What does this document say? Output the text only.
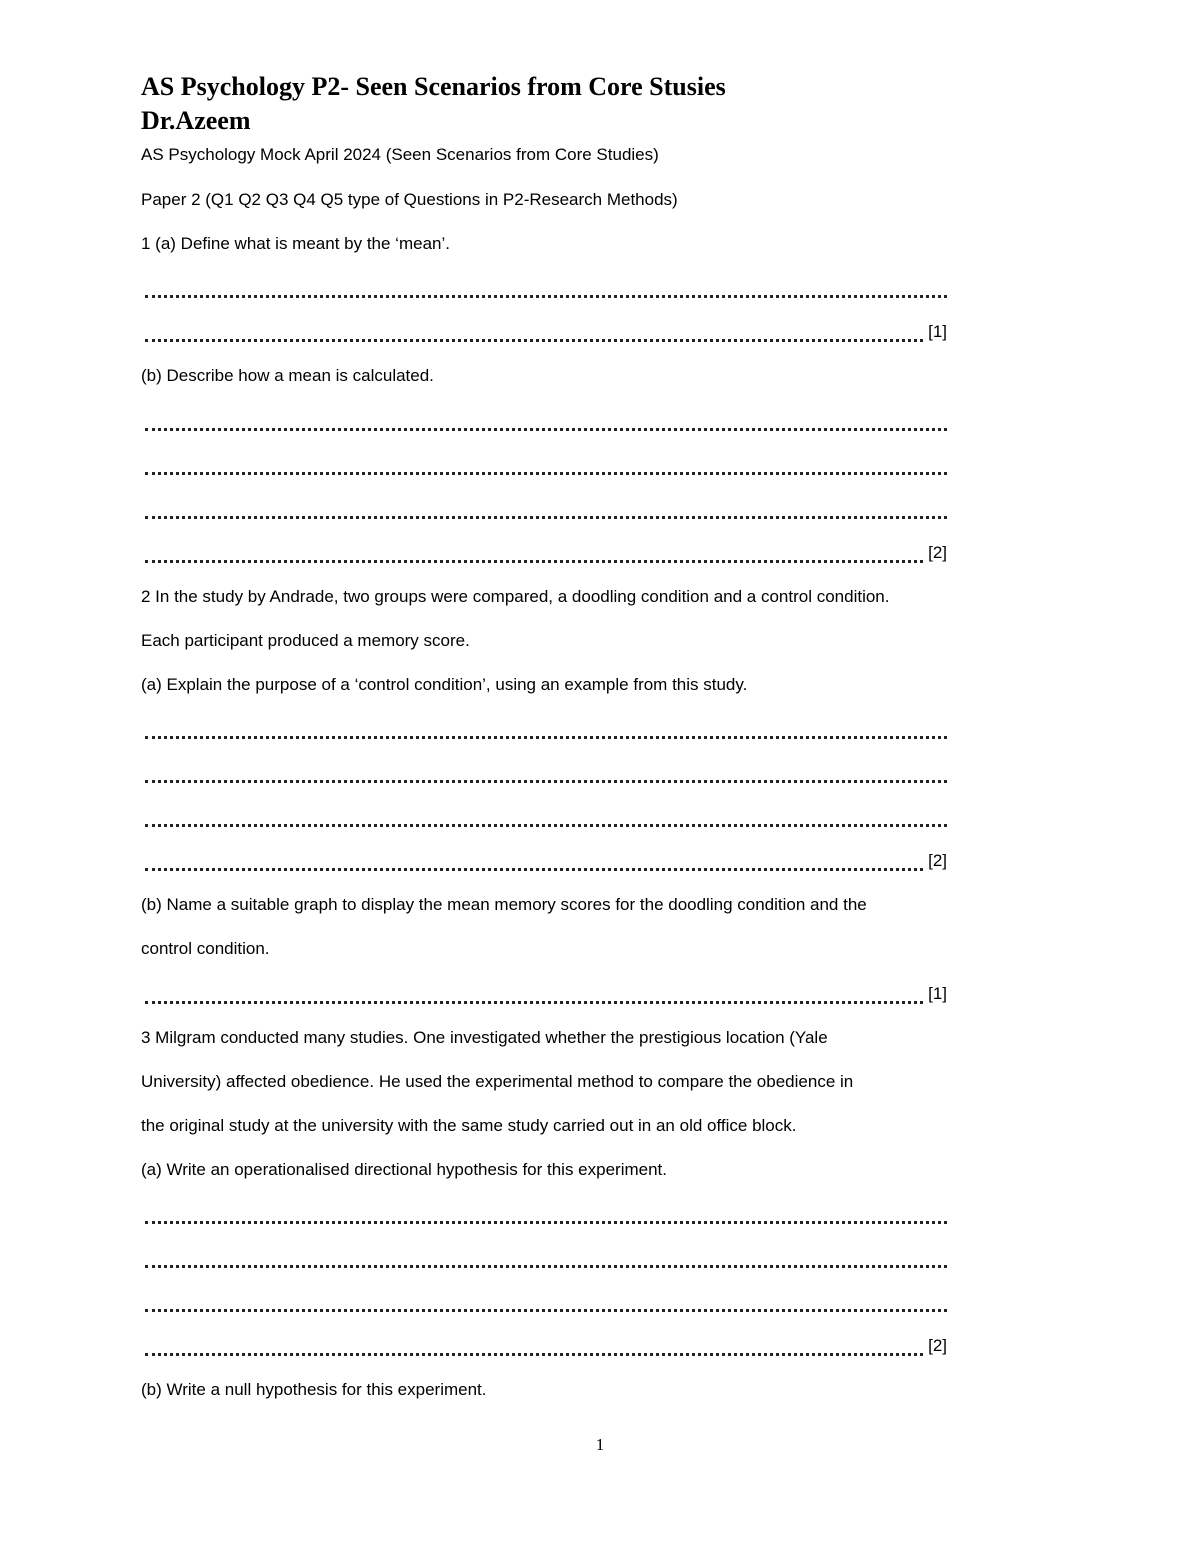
AS Psychology P2- Seen Scenarios from Core Stusies
Dr.Azeem
AS Psychology Mock April 2024 (Seen Scenarios from Core Studies)
Paper 2 (Q1 Q2 Q3 Q4 Q5 type of Questions in P2-Research Methods)
1 (a) Define what is meant by the ‘mean’.
[1]
(b) Describe how a mean is calculated.
[2]
2 In the study by Andrade, two groups were compared, a doodling condition and a control condition.
Each participant produced a memory score.
(a) Explain the purpose of a ‘control condition’, using an example from this study.
[2]
(b) Name a suitable graph to display the mean memory scores for the doodling condition and the
control condition.
[1]
3 Milgram conducted many studies. One investigated whether the prestigious location (Yale
University) affected obedience. He used the experimental method to compare the obedience in
the original study at the university with the same study carried out in an old office block.
(a) Write an operationalised directional hypothesis for this experiment.
[2]
(b) Write a null hypothesis for this experiment.
1
